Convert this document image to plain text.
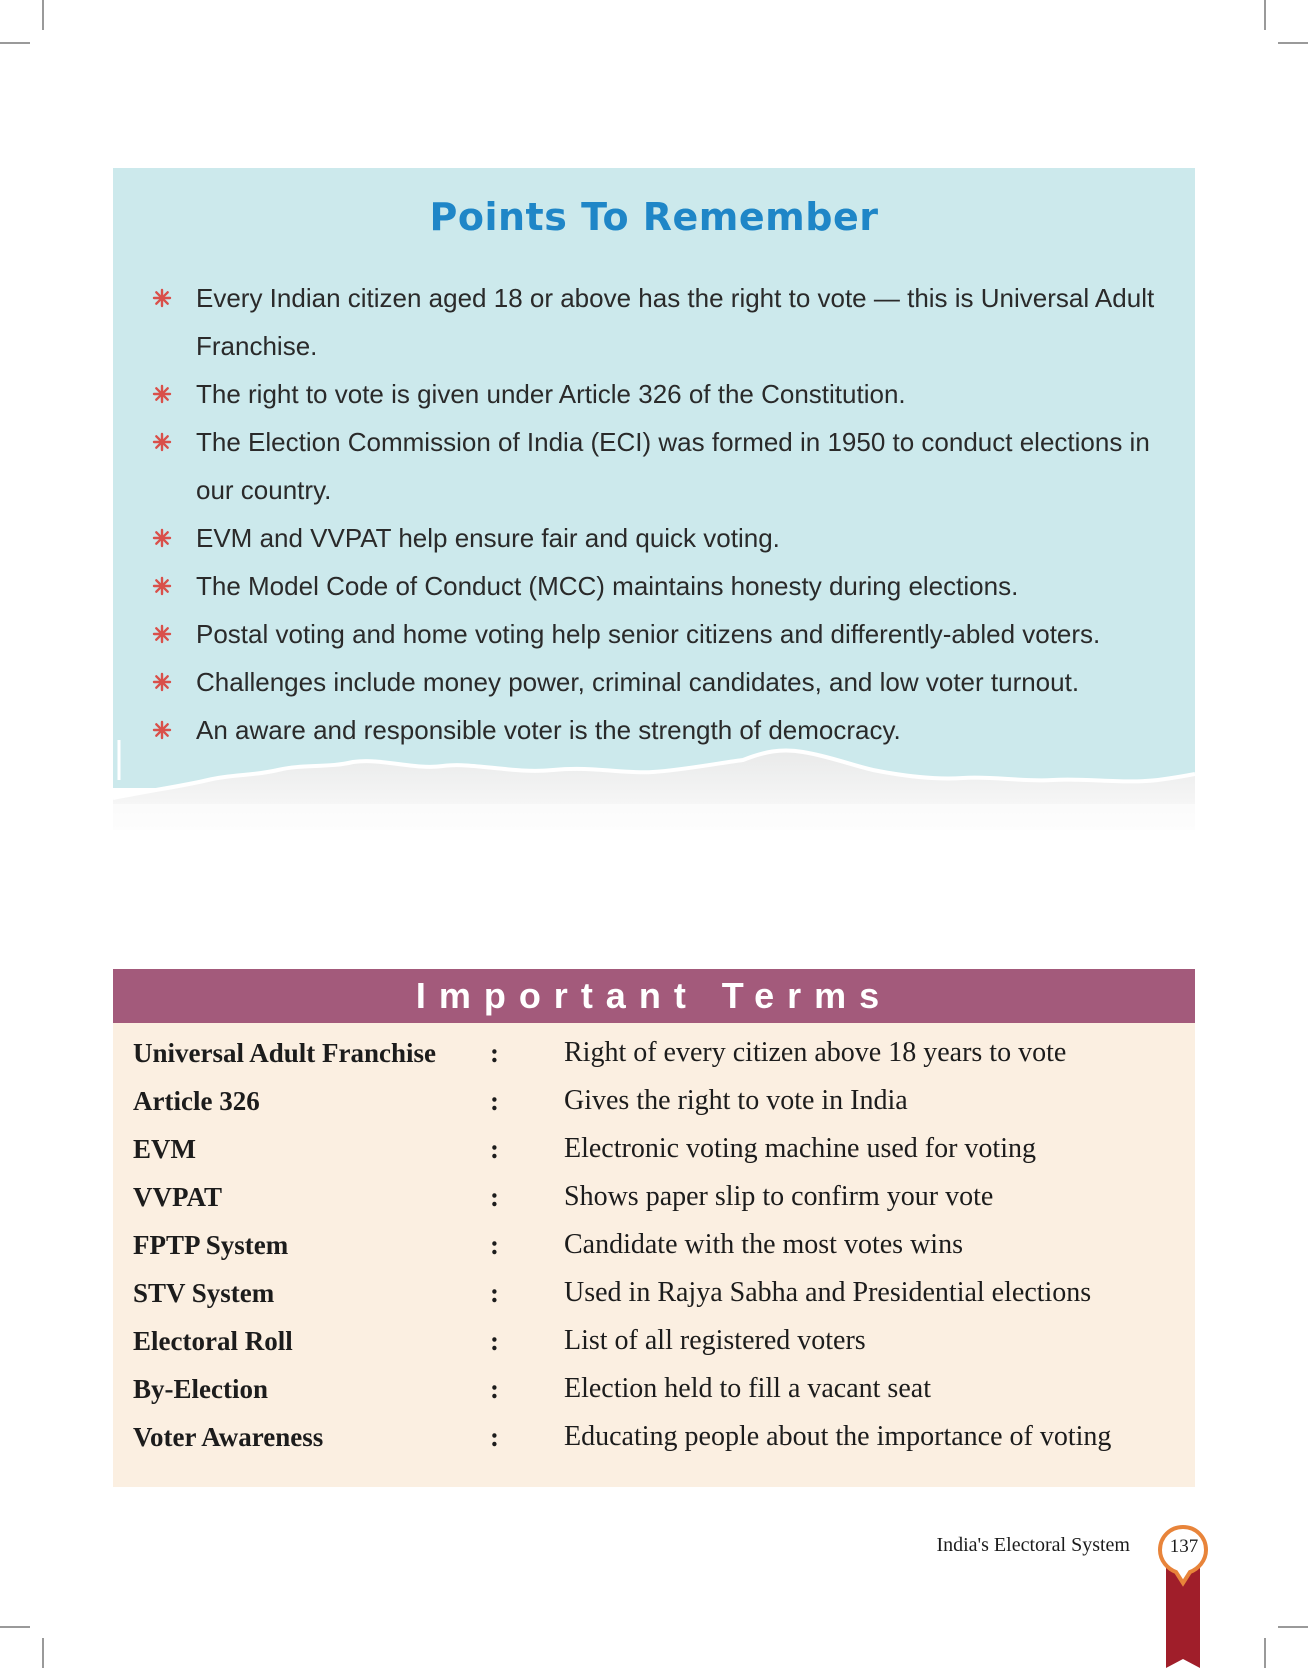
Points To Remember
Every Indian citizen aged 18 or above has the right to vote — this is Universal Adult
Franchise.
The right to vote is given under Article 326 of the Constitution.
The Election Commission of India (ECI) was formed in 1950 to conduct elections in
our country.
EVM and VVPAT help ensure fair and quick voting.
The Model Code of Conduct (MCC) maintains honesty during elections.
Postal voting and home voting help senior citizens and differently-abled voters.
Challenges include money power, criminal candidates, and low voter turnout.
An aware and responsible voter is the strength of democracy.
Important Terms
Universal Adult Franchise : Right of every citizen above 18 years to vote
Article 326	: Gives the right to vote in India
EVM	: Electronic voting machine used for voting
VVPAT	: Shows paper slip to confirm your vote
FPTP System	: Candidate with the most votes wins
STV System	: Used in Rajya Sabha and Presidential elections
Electoral Roll	: List of all registered voters
By-Election	: Election held to fill a vacant seat
Voter Awareness	: Educating people about the importance of voting
India's Electoral System	137
